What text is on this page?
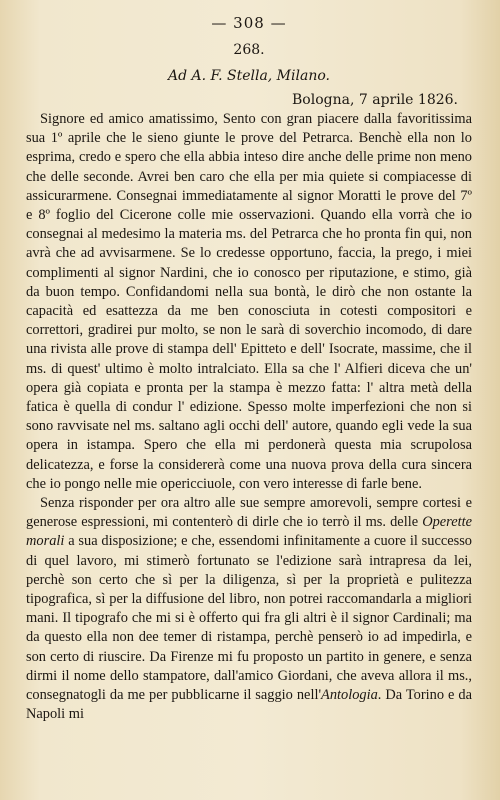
— 308 —
268.
Ad A. F. Stella, Milano.
Bologna, 7 aprile 1826.

Signore ed amico amatissimo, Sento con gran piacere dalla favoritissima sua 1º aprile che le sieno giunte le prove del Petrarca. Benchè ella non lo esprima, credo e spero che ella abbia inteso dire anche delle prime non meno che delle seconde. Avrei ben caro che ella per mia quiete si compiacesse di assicurarmene. Consegnai immediatamente al signor Moratti le prove del 7º e 8º foglio del Cicerone colle mie osservazioni. Quando ella vorrà che io consegnai al medesimo la materia ms. del Petrarca che ho pronta fin qui, non avrà che ad avvisarmene. Se lo credesse opportuno, faccia, la prego, i miei complimenti al signor Nardini, che io conosco per riputazione, e stimo, già da buon tempo. Confidandomi nella sua bontà, le dirò che non ostante la capacità ed esattezza da me ben conosciuta in cotesti compositori e correttori, gradirei pur molto, se non le sarà di soverchio incomodo, di dare una rivista alle prove di stampa dell' Epitteto e dell' Isocrate, massime, che il ms. di quest' ultimo è molto intralciato. Ella sa che l' Alfieri diceva che un' opera già copiata e pronta per la stampa è mezzo fatta: l' altra metà della fatica è quella di condur l' edizione. Spesso molte imperfezioni che non si sono ravvisate nel ms. saltano agli occhi dell' autore, quando egli vede la sua opera in istampa. Spero che ella mi perdonerà questa mia scrupolosa delicatezza, e forse la considererà come una nuova prova della cura sincera che io pongo nelle mie opericciuole, con vero interesse di farle bene.

Senza risponder per ora altro alle sue sempre amorevoli, sempre cortesi e generose espressioni, mi contenterò di dirle che io terrò il ms. delle Operette morali a sua disposizione; e che, essendomi infinitamente a cuore il successo di quel lavoro, mi stimerò fortunato se l'edizione sarà intrapresa da lei, perchè son certo che sì per la diligenza, sì per la proprietà e pulitezza tipografica, sì per la diffusione del libro, non potrei raccomandarla a migliori mani. Il tipografo che mi si è offerto qui fra gli altri è il signor Cardinali; ma da questo ella non dee temer di ristampa, perchè penserò io ad impedirla, e son certo di riuscire. Da Firenze mi fu proposto un partito in genere, e senza dirmi il nome dello stampatore, dall'amico Giordani, che aveva allora il ms., consegnatogli da me per pubblicarne il saggio nell'Antologia. Da Torino e da Napoli mi
